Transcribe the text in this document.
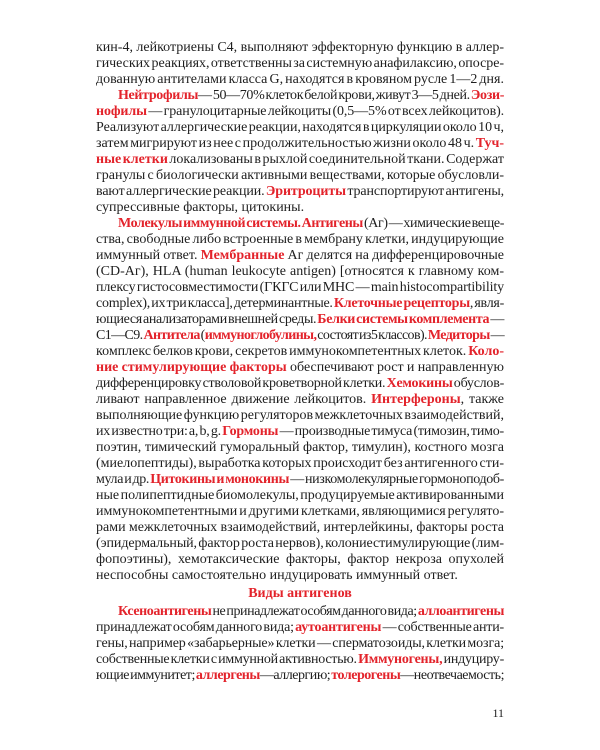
кин-4, лейкотриены С4, выполняют эффекторную функцию в аллер-
гических реакциях, ответственны за системную анафилаксию, опосре-
дованную антителами класса G, находятся в кровяном русле 1—2 дня.
Нейтрофилы— 50—70% клеток белой крови, живут 3—5 дней. Эози-
нофилы — гранулоцитарные лейкоциты (0,5—5% от всех лейкоцитов).
Реализуют аллергические реакции, находятся в циркуляции около 10 ч,
затем мигрируют из нее с продолжительностью жизни около 48 ч. Туч-
ные клетки локализованы в рыхлой соединительной ткани. Содержат
гранулы с биологически активными веществами, которые обусловли-
вают аллергические реакции. Эритроциты транспортируют антигены,
супрессивные факторы, цитокины.
Молекулы иммунной системы. Антигены (Аг) — химические веще-
ства, свободные либо встроенные в мембрану клетки, индуцирующие
иммунный ответ. Мембранные Аг делятся на дифференцировочные
(CD-Аг), HLA (human leukocyte antigen) [относятся к главному ком-
плексу гистосовместимости (ГКГС или МНС — main histocompartibility
complex), их три класса], детерминантные. Клеточные рецепторы, явля-
ющиеся анализаторами внешней среды. Белки системы комплемента —
С1—С9. Антитела (иммуноглобулины, состоят из5 классов). Медиторы —
комплекс белков крови, секретов иммунокомпетентных клеток. Коло-
ние стимулирующие факторы обеспечивают рост и направленную
дифференцировку стволовой кроветворной клетки. Хемокины обуслов-
ливают направленное движение лейкоцитов. Интерфероны, также
выполняющие функцию регуляторов межклеточных взаимодействий,
их известно три: a, b, g. Гормоны — производные тимуса (тимозин, тимо-
поэтин, тимический гуморальный фактор, тимулин), костного мозга
(миелопептиды), выработка которых происходит без антигенного сти-
мула и др. Цитокины и монокины — низкомолекулярные гормоноподоб-
ные полипептидные биомолекулы, продуцируемые активированными
иммунокомпетентными и другими клетками, являющимися регулято-
рами межклеточных взаимодействий, интерлейкины, факторы роста
(эпидермальный, фактор роста нервов), колониестимулирующие (лим-
фопоэтины), хемотаксические факторы, фактор некроза опухолей
неспособны самостоятельно индуцировать иммунный ответ.
Виды антигенов
Ксеноантигены не принадлежат особям данного вида; аллоантигены
принадлежат особям данного вида; аутоантигены — собственные анти-
гены, например «забарьерные» клетки — сперматозоиды, клетки мозга;
собственные клетки с иммунной активностью. Иммуногены, индуциру-
ющие иммунитет; аллергены—аллергию; толерогены—неотвечаемость;
11
